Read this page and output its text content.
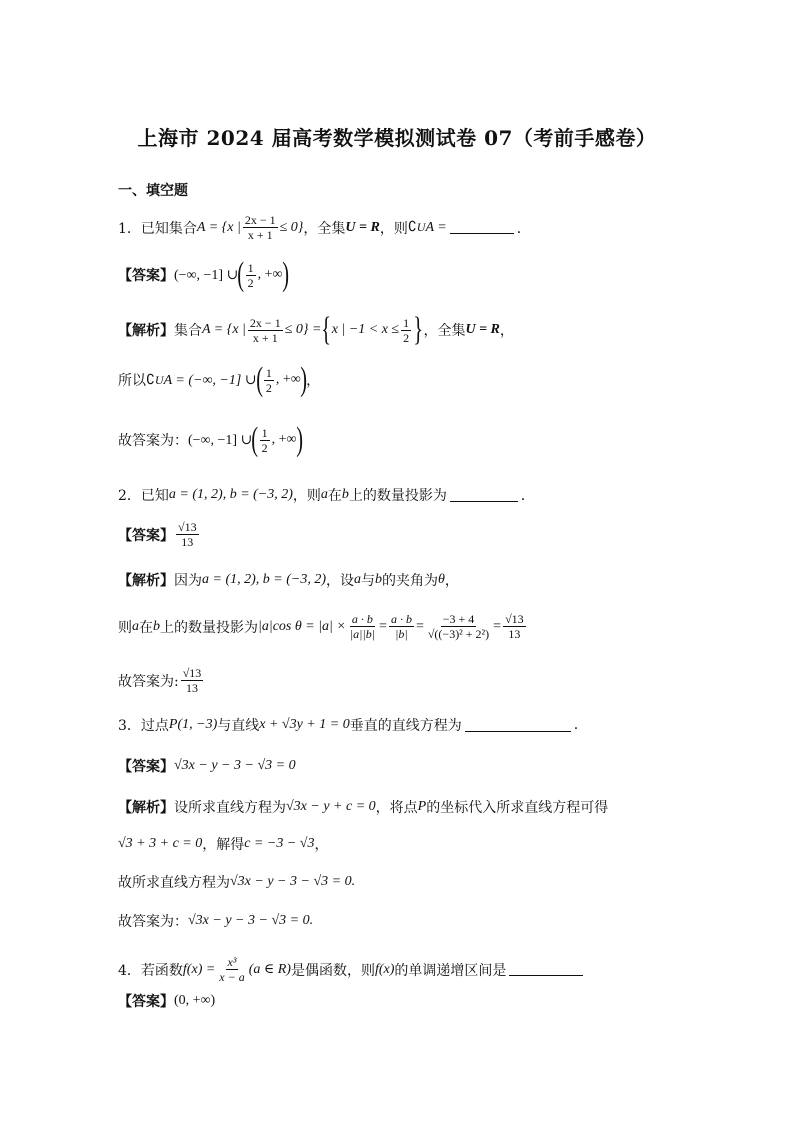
上海市 2024 届高考数学模拟测试卷 07（考前手感卷）
一、填空题
1． 已知集合 A = {x | $\frac{2x - 1}{x + 1} \le 0$} ，全集 U = R ，则 ∁ U A =	．
【答案】 (−∞, −1] ∪ ( $\frac{1}{2}$ , +∞ )
【解析】 集合 A = {x | $\frac{2x - 1}{x + 1} \le 0$} = { x | $-1 < x \le \frac{1}{2}$ } ，全集 U = R ，
所以 ∁ U A = (−∞, −1] ∪ ( $\frac{1}{2}$ , +∞ ) ，
故答案为： (−∞, −1] ∪ ( $\frac{1}{2}$ , +∞ )
2． 已知 a = (1, 2), b = (−3, 2) ，则 a 在 b 上的数量投影为	．
【答案】 $\frac{√13}{13}$
【解析】 因为 a = (1, 2), b = (−3, 2) ，设 a 与 b 的夹角为 θ ，
则 a 在 b 上的数量投影为 |a|cos $\theta = |a| \times \frac{a \cdot b}{|a||b|} = \frac{a \cdot b}{|b|} = \frac{-3 + 4}{\text{√((−3)² + 2²)}} = \frac{√13}{13}$
故答案为: $\frac{√13}{13}$
3． 过点 P(1, −3) 与直线 x + √3y + 1 = 0 垂直的直线方程为	.
【答案】 √3x − y − 3 − √3 = 0
【解析】 设所求直线方程为 √3x − y + c = 0 ，将点 P 的坐标代入所求直线方程可得
√3 + 3 + c = 0 ，解得 c = −3 − √3 ，
故所求直线方程为 √3x − y − 3 − √3 = 0.
故答案为： √3x − y − 3 − √3 = 0.
4． 若函数 $f(x) = \frac{\text{x³}}{x - a} (a$ ∈ R) 是偶函数，则 f(x) 的单调递增区间是
【答案】 (0, +∞)
